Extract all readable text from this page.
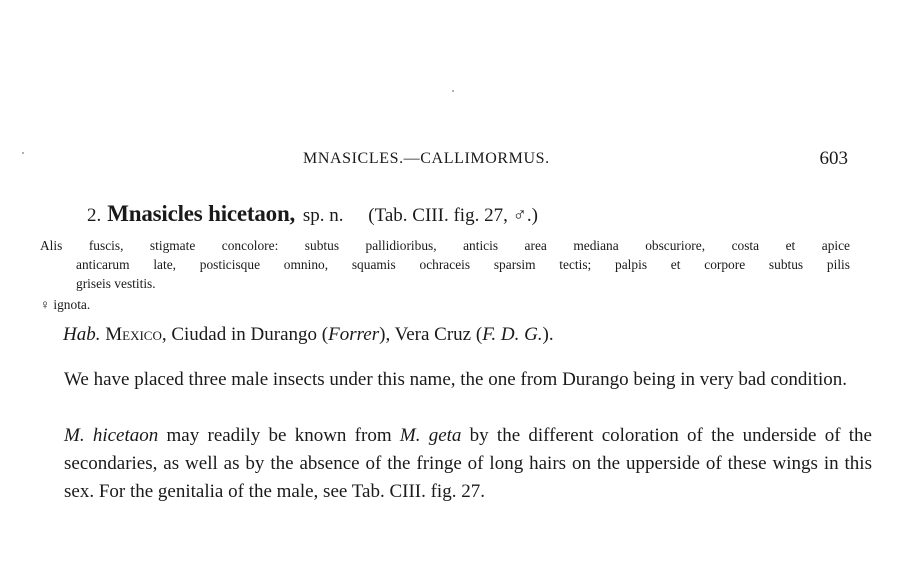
MNASICLES.—CALLIMORMUS.	603
2. Mnasicles hicetaon, sp. n. (Tab. CIII. fig. 27, ♂.)
Alis fuscis, stigmate concolore: subtus pallidioribus, anticis area mediana obscuriore, costa et apice
anticarum late, posticisque omnino, squamis ochraceis sparsim tectis; palpis et corpore subtus pilis
griseis vestitis.
♀ ignota.
Hab. Mexico, Ciudad in Durango (Forrer), Vera Cruz (F. D. G.).
We have placed three male insects under this name, the one from Durango being in very bad condition.
M. hicetaon may readily be known from M. geta by the different coloration of the underside of the secondaries, as well as by the absence of the fringe of long hairs on the upperside of these wings in this sex. For the genitalia of the male, see Tab. CIII. fig. 27.
